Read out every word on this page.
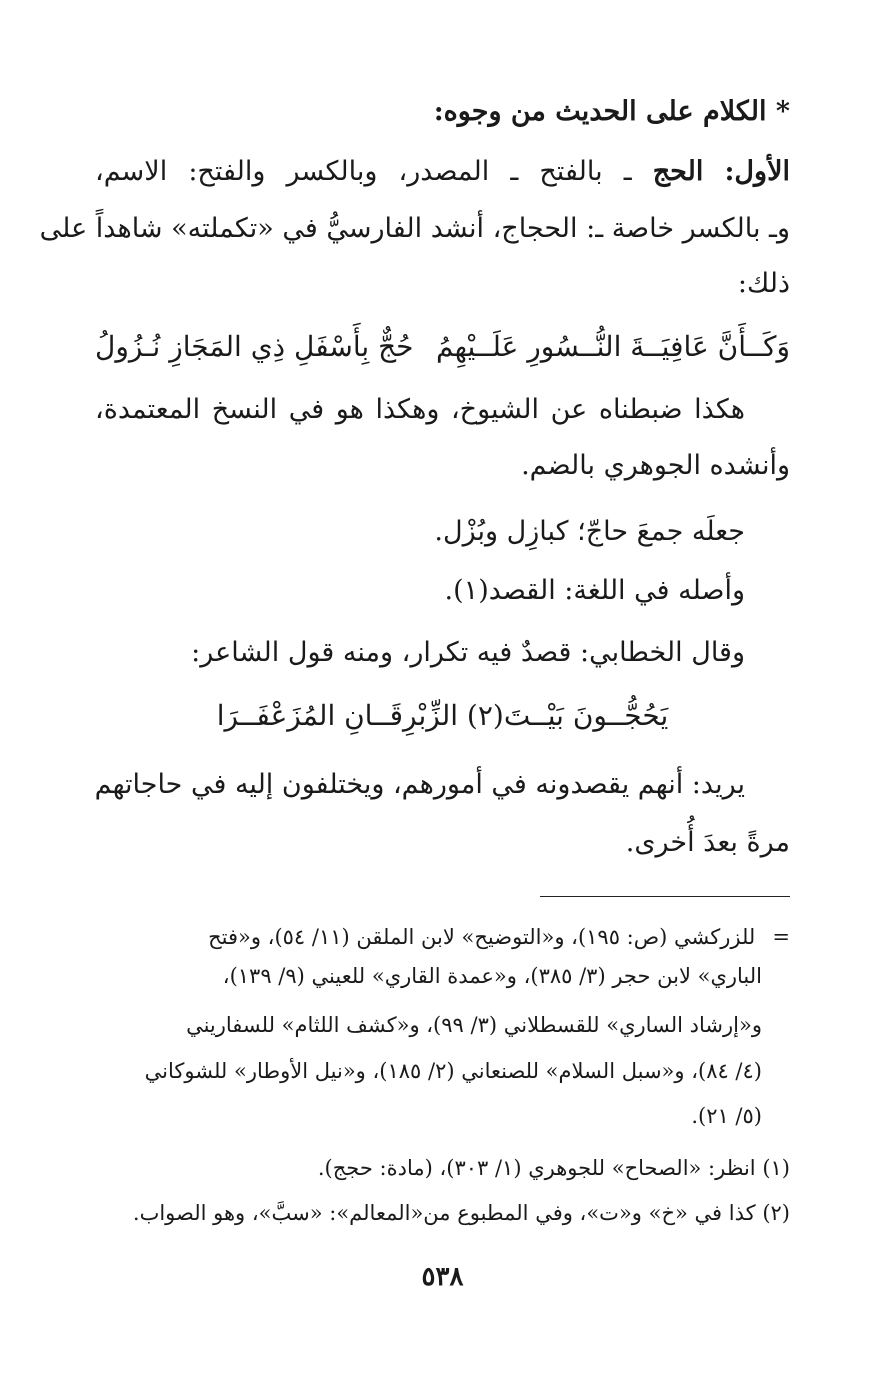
* الكلام على الحديث من وجوه:
الأول: الحج ـ بالفتح ـ المصدر، وبالكسر والفتح: الاسم،
وـ بالكسر خاصة ـ: الحجاج، أنشد الفارسيُّ في «تكملته» شاهداً على
ذلك:
وَكَــأَنَّ عَافِيَــةَ النُّــسُورِ عَلَــيْهِمُ
حُجٌّ بِأَسْفَلِ ذِي المَجَازِ نُـزُولُ
هكذا ضبطناه عن الشيوخ، وهكذا هو في النسخ المعتمدة،
وأنشده الجوهري بالضم.
جعلَه جمعَ حاجّ؛ كبازِل وبُزْل.
وأصله في اللغة: القصد(١).
وقال الخطابي: قصدٌ فيه تكرار، ومنه قول الشاعر:
يَحُجُّــونَ بَيْــتَ(٢) الزِّبْرِقَــانِ المُزَعْفَــرَا
يريد: أنهم يقصدونه في أمورهم، ويختلفون إليه في حاجاتهم
مرةً بعدَ أُخرى.
= للزركشي (ص: ١٩٥)، و«التوضيح» لابن الملقن (١١/ ٥٤)، و«فتح
الباري» لابن حجر (٣/ ٣٨٥)، و«عمدة القاري» للعيني (٩/ ١٣٩)،
و«إرشاد الساري» للقسطلاني (٣/ ٩٩)، و«كشف اللثام» للسفاريني
(٤/ ٨٤)، و«سبل السلام» للصنعاني (٢/ ١٨٥)، و«نيل الأوطار» للشوكاني
(٥/ ٢١).
(١) انظر: «الصحاح» للجوهري (١/ ٣٠٣)، (مادة: حجج).
(٢) كذا في «خ» و«ت»، وفي المطبوع من«المعالم»: «سبَّ»، وهو الصواب.
٥٣٨
